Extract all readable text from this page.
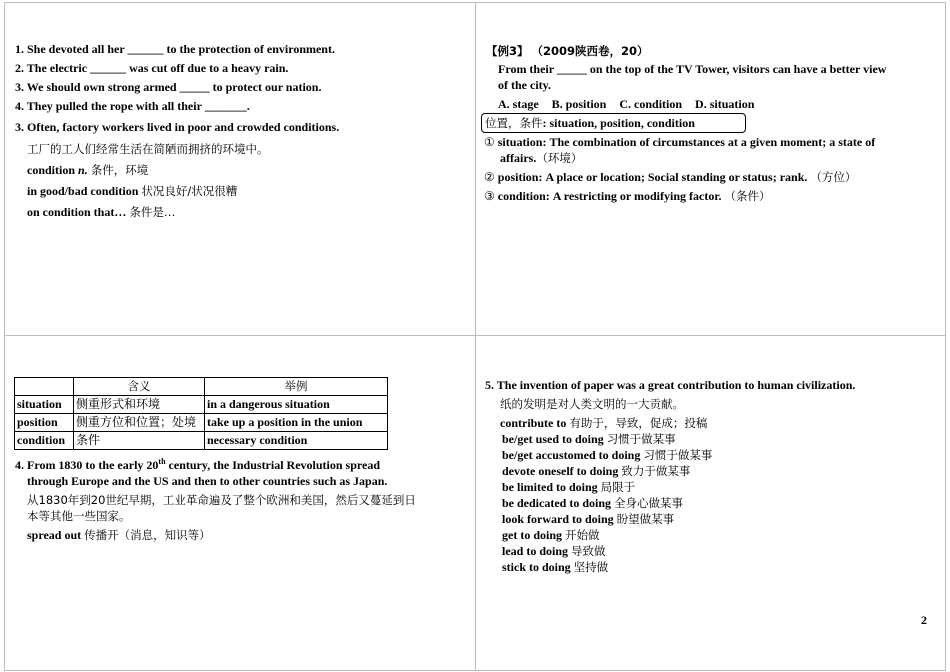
1. She devoted all her ______ to the protection of environment.
2. The electric ______ was cut off due to a heavy rain.
3. We should own strong armed _____ to protect our nation.
4. They pulled the rope with all their _______.
3. Often, factory workers lived in poor and crowded conditions.
工厂的工人们经常生活在简陋而拥挤的环境中。
condition n. 条件，环境
in good/bad condition 状况良好/状况很糟
on condition that… 条件是…
【例3】 （2009陕西卷，20）
From their _____ on the top of the TV Tower, visitors can have a better view
of the city.
A. stage B. position C. condition D. situation
位置，条件: situation, position, condition
① situation: The combination of circumstances at a given moment; a state of
affairs.（环境）
② position: A place or location; Social standing or status; rank. （方位）
③ condition: A restricting or modifying factor. （条件）
	含义	举例
situation	侧重形式和环境	in a dangerous situation
position	侧重方位和位置；处境	take up a position in the union
condition	条件	necessary condition
4. From 1830 to the early 20th century, the Industrial Revolution spread
through Europe and the US and then to other countries such as Japan.
从1830年到20世纪早期，工业革命遍及了整个欧洲和美国，然后又蔓延到日
本等其他一些国家。
spread out 传播开（消息，知识等）
5. The invention of paper was a great contribution to human civilization.
纸的发明是对人类文明的一大贡献。
contribute to 有助于，导致，促成；投稿
be/get used to doing 习惯于做某事
be/get accustomed to doing 习惯于做某事
devote oneself to doing 致力于做某事
be limited to doing 局限于
be dedicated to doing 全身心做某事
look forward to doing 盼望做某事
get to doing 开始做
lead to doing 导致做
stick to doing 坚持做
2
